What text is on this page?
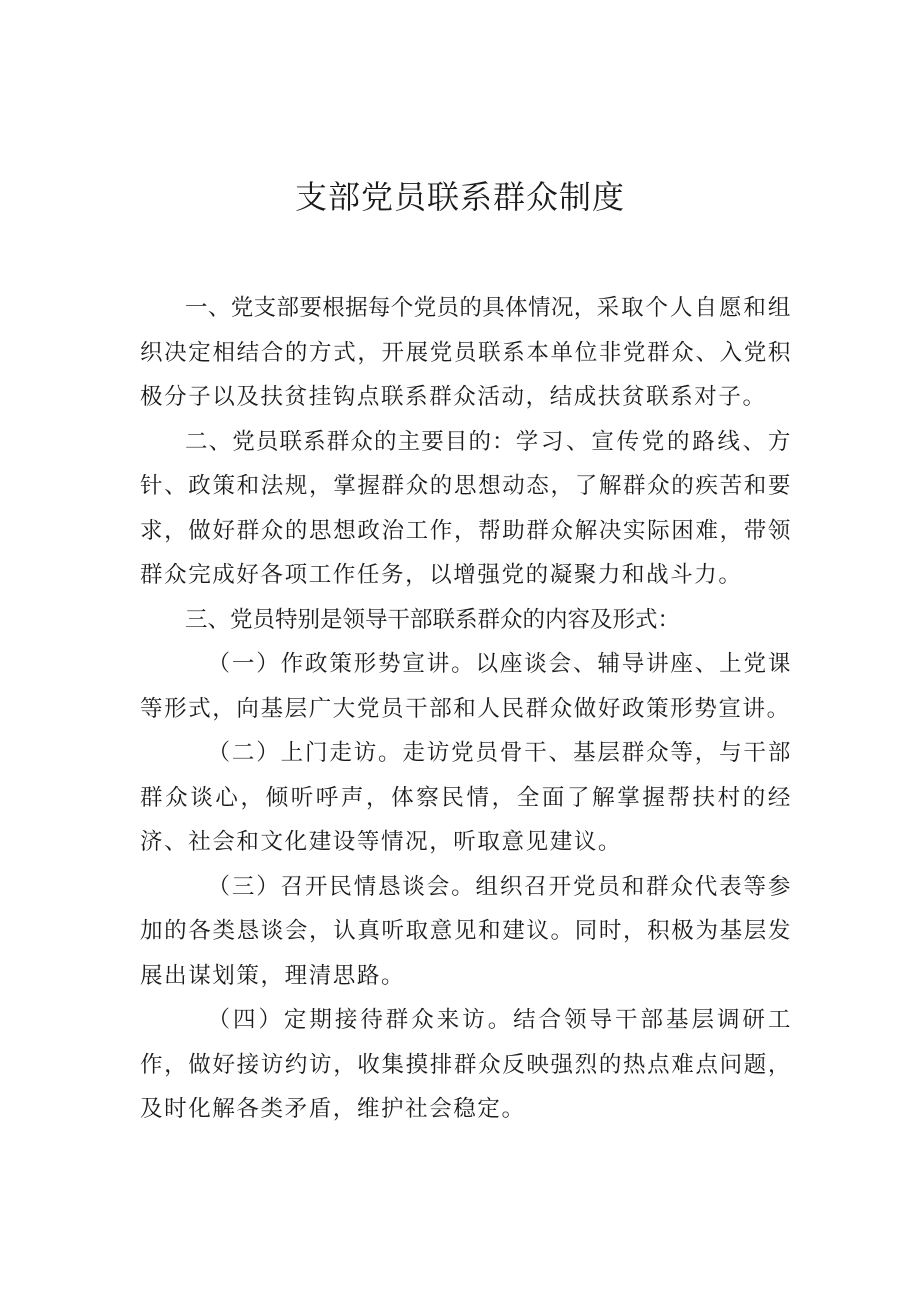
支部党员联系群众制度

一、党支部要根据每个党员的具体情况，采取个人自愿和组织决定相结合的方式，开展党员联系本单位非党群众、入党积极分子以及扶贫挂钩点联系群众活动，结成扶贫联系对子。

二、党员联系群众的主要目的：学习、宣传党的路线、方针、政策和法规，掌握群众的思想动态，了解群众的疾苦和要求，做好群众的思想政治工作，帮助群众解决实际困难，带领群众完成好各项工作任务，以增强党的凝聚力和战斗力。

三、党员特别是领导干部联系群众的内容及形式：

（一）作政策形势宣讲。以座谈会、辅导讲座、上党课等形式，向基层广大党员干部和人民群众做好政策形势宣讲。

（二）上门走访。走访党员骨干、基层群众等，与干部群众谈心，倾听呼声，体察民情，全面了解掌握帮扶村的经济、社会和文化建设等情况，听取意见建议。

（三）召开民情恳谈会。组织召开党员和群众代表等参加的各类恳谈会，认真听取意见和建议。同时，积极为基层发展出谋划策，理清思路。

（四）定期接待群众来访。结合领导干部基层调研工作，做好接访约访，收集摸排群众反映强烈的热点难点问题，及时化解各类矛盾，维护社会稳定。
